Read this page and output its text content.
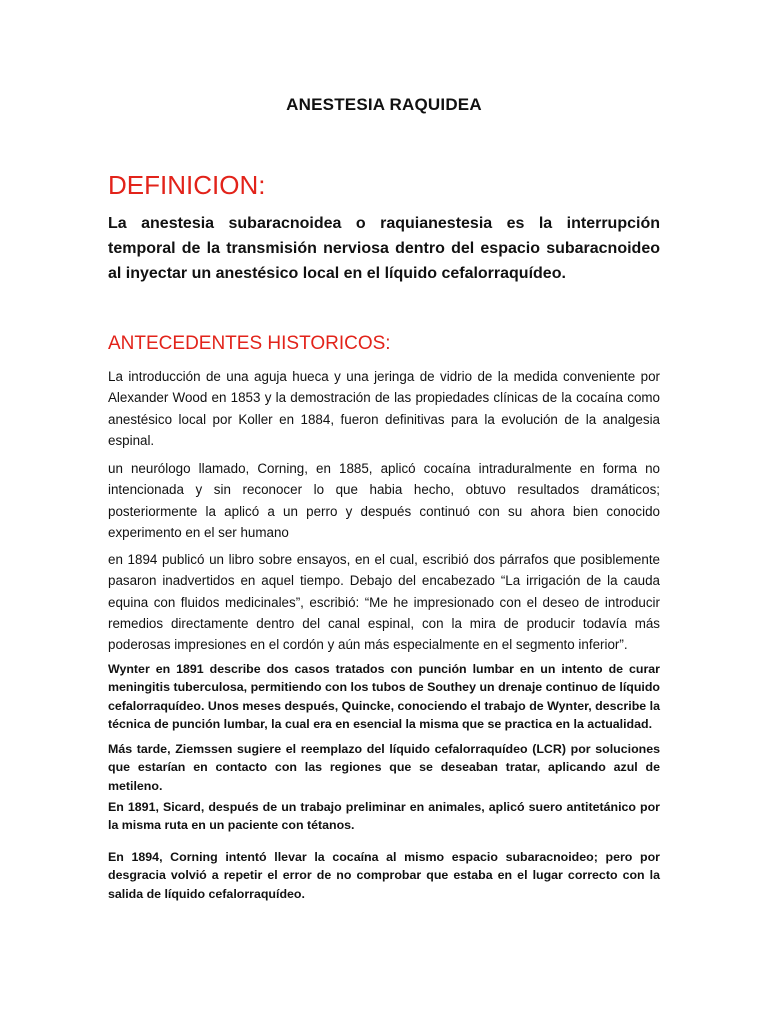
ANESTESIA RAQUIDEA
DEFINICION:

La anestesia subaracnoidea o raquianestesia es la interrupción temporal de la transmisión nerviosa dentro del espacio subaracnoideo al inyectar un anestésico local en el líquido cefalorraquídeo.

ANTECEDENTES HISTORICOS:

La introducción de una aguja hueca y una jeringa de vidrio de la medida conveniente por Alexander Wood en 1853 y la demostración de las propiedades clínicas de la cocaína como anestésico local por Koller en 1884, fueron definitivas para la evolución de la analgesia espinal.

un neurólogo llamado, Corning, en 1885, aplicó cocaína intraduralmente en forma no intencionada y sin reconocer lo que habia hecho, obtuvo resultados dramáticos; posteriormente la aplicó a un perro y después continuó con su ahora bien conocido experimento en el ser humano

en 1894 publicó un libro sobre ensayos, en el cual, escribió dos párrafos que posiblemente pasaron inadvertidos en aquel tiempo. Debajo del encabezado “La irrigación de la cauda equina con fluidos medicinales”, escribió: “Me he impresionado con el deseo de introducir remedios directamente dentro del canal espinal, con la mira de producir todavía más poderosas impresiones en el cordón y aún más especialmente en el segmento inferior”.

Wynter en 1891 describe dos casos tratados con punción lumbar en un intento de curar meningitis tuberculosa, permitiendo con los tubos de Southey un drenaje continuo de líquido cefalorraquídeo. Unos meses después, Quincke, conociendo el trabajo de Wynter, describe la técnica de punción lumbar, la cual era en esencial la misma que se practica en la actualidad.

Más tarde, Ziemssen sugiere el reemplazo del líquido cefalorraquídeo (LCR) por soluciones que estarían en contacto con las regiones que se deseaban tratar, aplicando azul de metileno.

En 1891, Sicard, después de un trabajo preliminar en animales, aplicó suero antitetánico por la misma ruta en un paciente con tétanos.

En 1894, Corning intentó llevar la cocaína al mismo espacio subaracnoideo; pero por desgracia volvió a repetir el error de no comprobar que estaba en el lugar correcto con la salida de líquido cefalorraquídeo.
